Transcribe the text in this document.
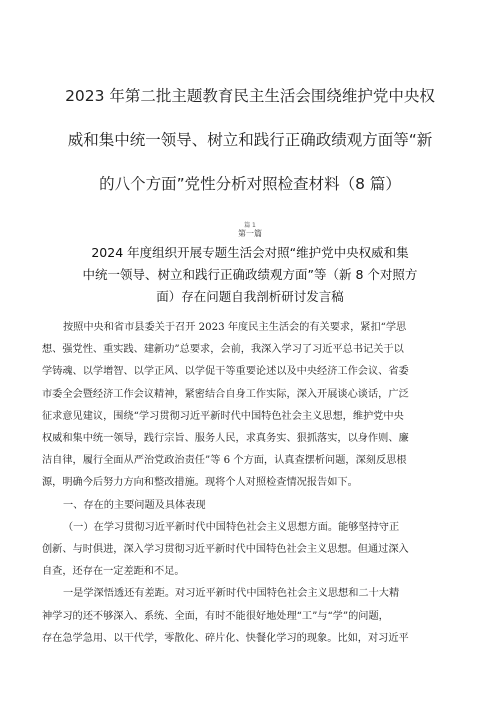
2023 年第二批主题教育民主生活会围绕维护党中央权
威和集中统一领导、树立和践行正确政绩观方面等“新
的八个方面”党性分析对照检查材料（8 篇）
篇 1
第一篇
2024 年度组织开展专题生活会对照“维护党中央权威和集
中统一领导、树立和践行正确政绩观方面”等（新 8 个对照方
面）存在问题自我剖析研讨发言稿

按照中央和省市县委关于召开 2023 年度民主生活会的有关要求，紧扣“学思
想、强党性、重实践、建新功”总要求，会前，我深入学习了习近平总书记关于以
学铸魂、以学增智、以学正风、以学促干等重要论述以及中央经济工作会议、省委
市委全会暨经济工作会议精神，紧密结合自身工作实际，深入开展谈心谈话，广泛
征求意见建议，围绕“学习贯彻习近平新时代中国特色社会主义思想，维护党中央
权威和集中统一领导，践行宗旨、服务人民，求真务实、狠抓落实，以身作则、廉
洁自律，履行全面从严治党政治责任”等 6 个方面，认真查摆析问题，深刻反思根
源，明确今后努力方向和整改措施。现将个人对照检查情况报告如下。

一、存在的主要问题及具体表现

（一）在学习贯彻习近平新时代中国特色社会主义思想方面。能够坚持守正
创新、与时俱进，深入学习贯彻习近平新时代中国特色社会主义思想。但通过深入
自查，还存在一定差距和不足。

一是学深悟透还有差距。对习近平新时代中国特色社会主义思想和二十大精
神学习的还不够深入、系统、全面，有时不能很好地处理“工”与“学”的问题，
存在急学急用、以干代学，零散化、碎片化、快餐化学习的现象。比如，对习近平
